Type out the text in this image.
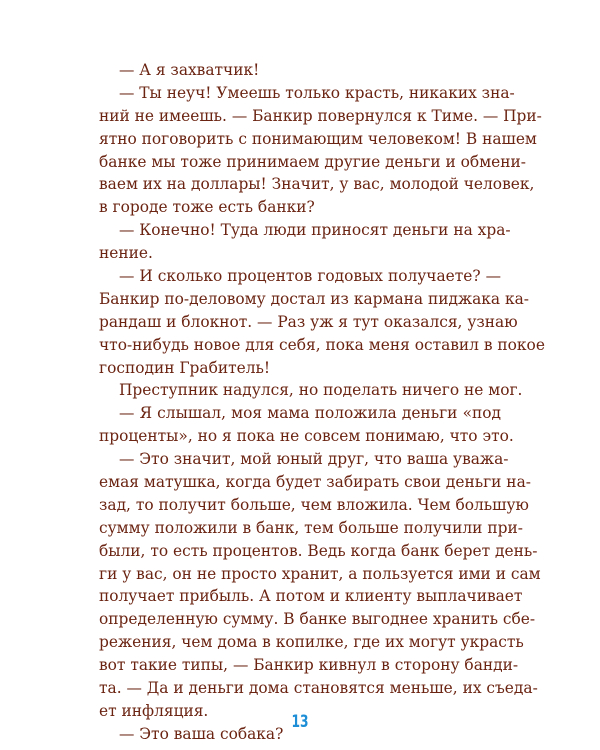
— А я захватчик!
— Ты неуч! Умеешь только красть, никаких зна-
ний не имеешь. — Банкир повернулся к Тиме. — При-
ятно поговорить с понимающим человеком! В нашем
банке мы тоже принимаем другие деньги и обмени-
ваем их на доллары! Значит, у вас, молодой человек,
в городе тоже есть банки?
— Конечно! Туда люди приносят деньги на хра-
нение.
— И сколько процентов годовых получаете? —
Банкир по-деловому достал из кармана пиджака ка-
рандаш и блокнот. — Раз уж я тут оказался, узнаю
что-нибудь новое для себя, пока меня оставил в покое
господин Грабитель!
Преступник надулся, но поделать ничего не мог.
— Я слышал, моя мама положила деньги «под
проценты», но я пока не совсем понимаю, что это.
— Это значит, мой юный друг, что ваша уважа-
емая матушка, когда будет забирать свои деньги на-
зад, то получит больше, чем вложила. Чем большую
сумму положили в банк, тем больше получили при-
были, то есть процентов. Ведь когда банк берет день-
ги у вас, он не просто хранит, а пользуется ими и сам
получает прибыль. А потом и клиенту выплачивает
определенную сумму. В банке выгоднее хранить сбе-
режения, чем дома в копилке, где их могут украсть
вот такие типы, — Банкир кивнул в сторону банди-
та. — Да и деньги дома становятся меньше, их съеда-
ет инфляция.
— Это ваша собака?
13
